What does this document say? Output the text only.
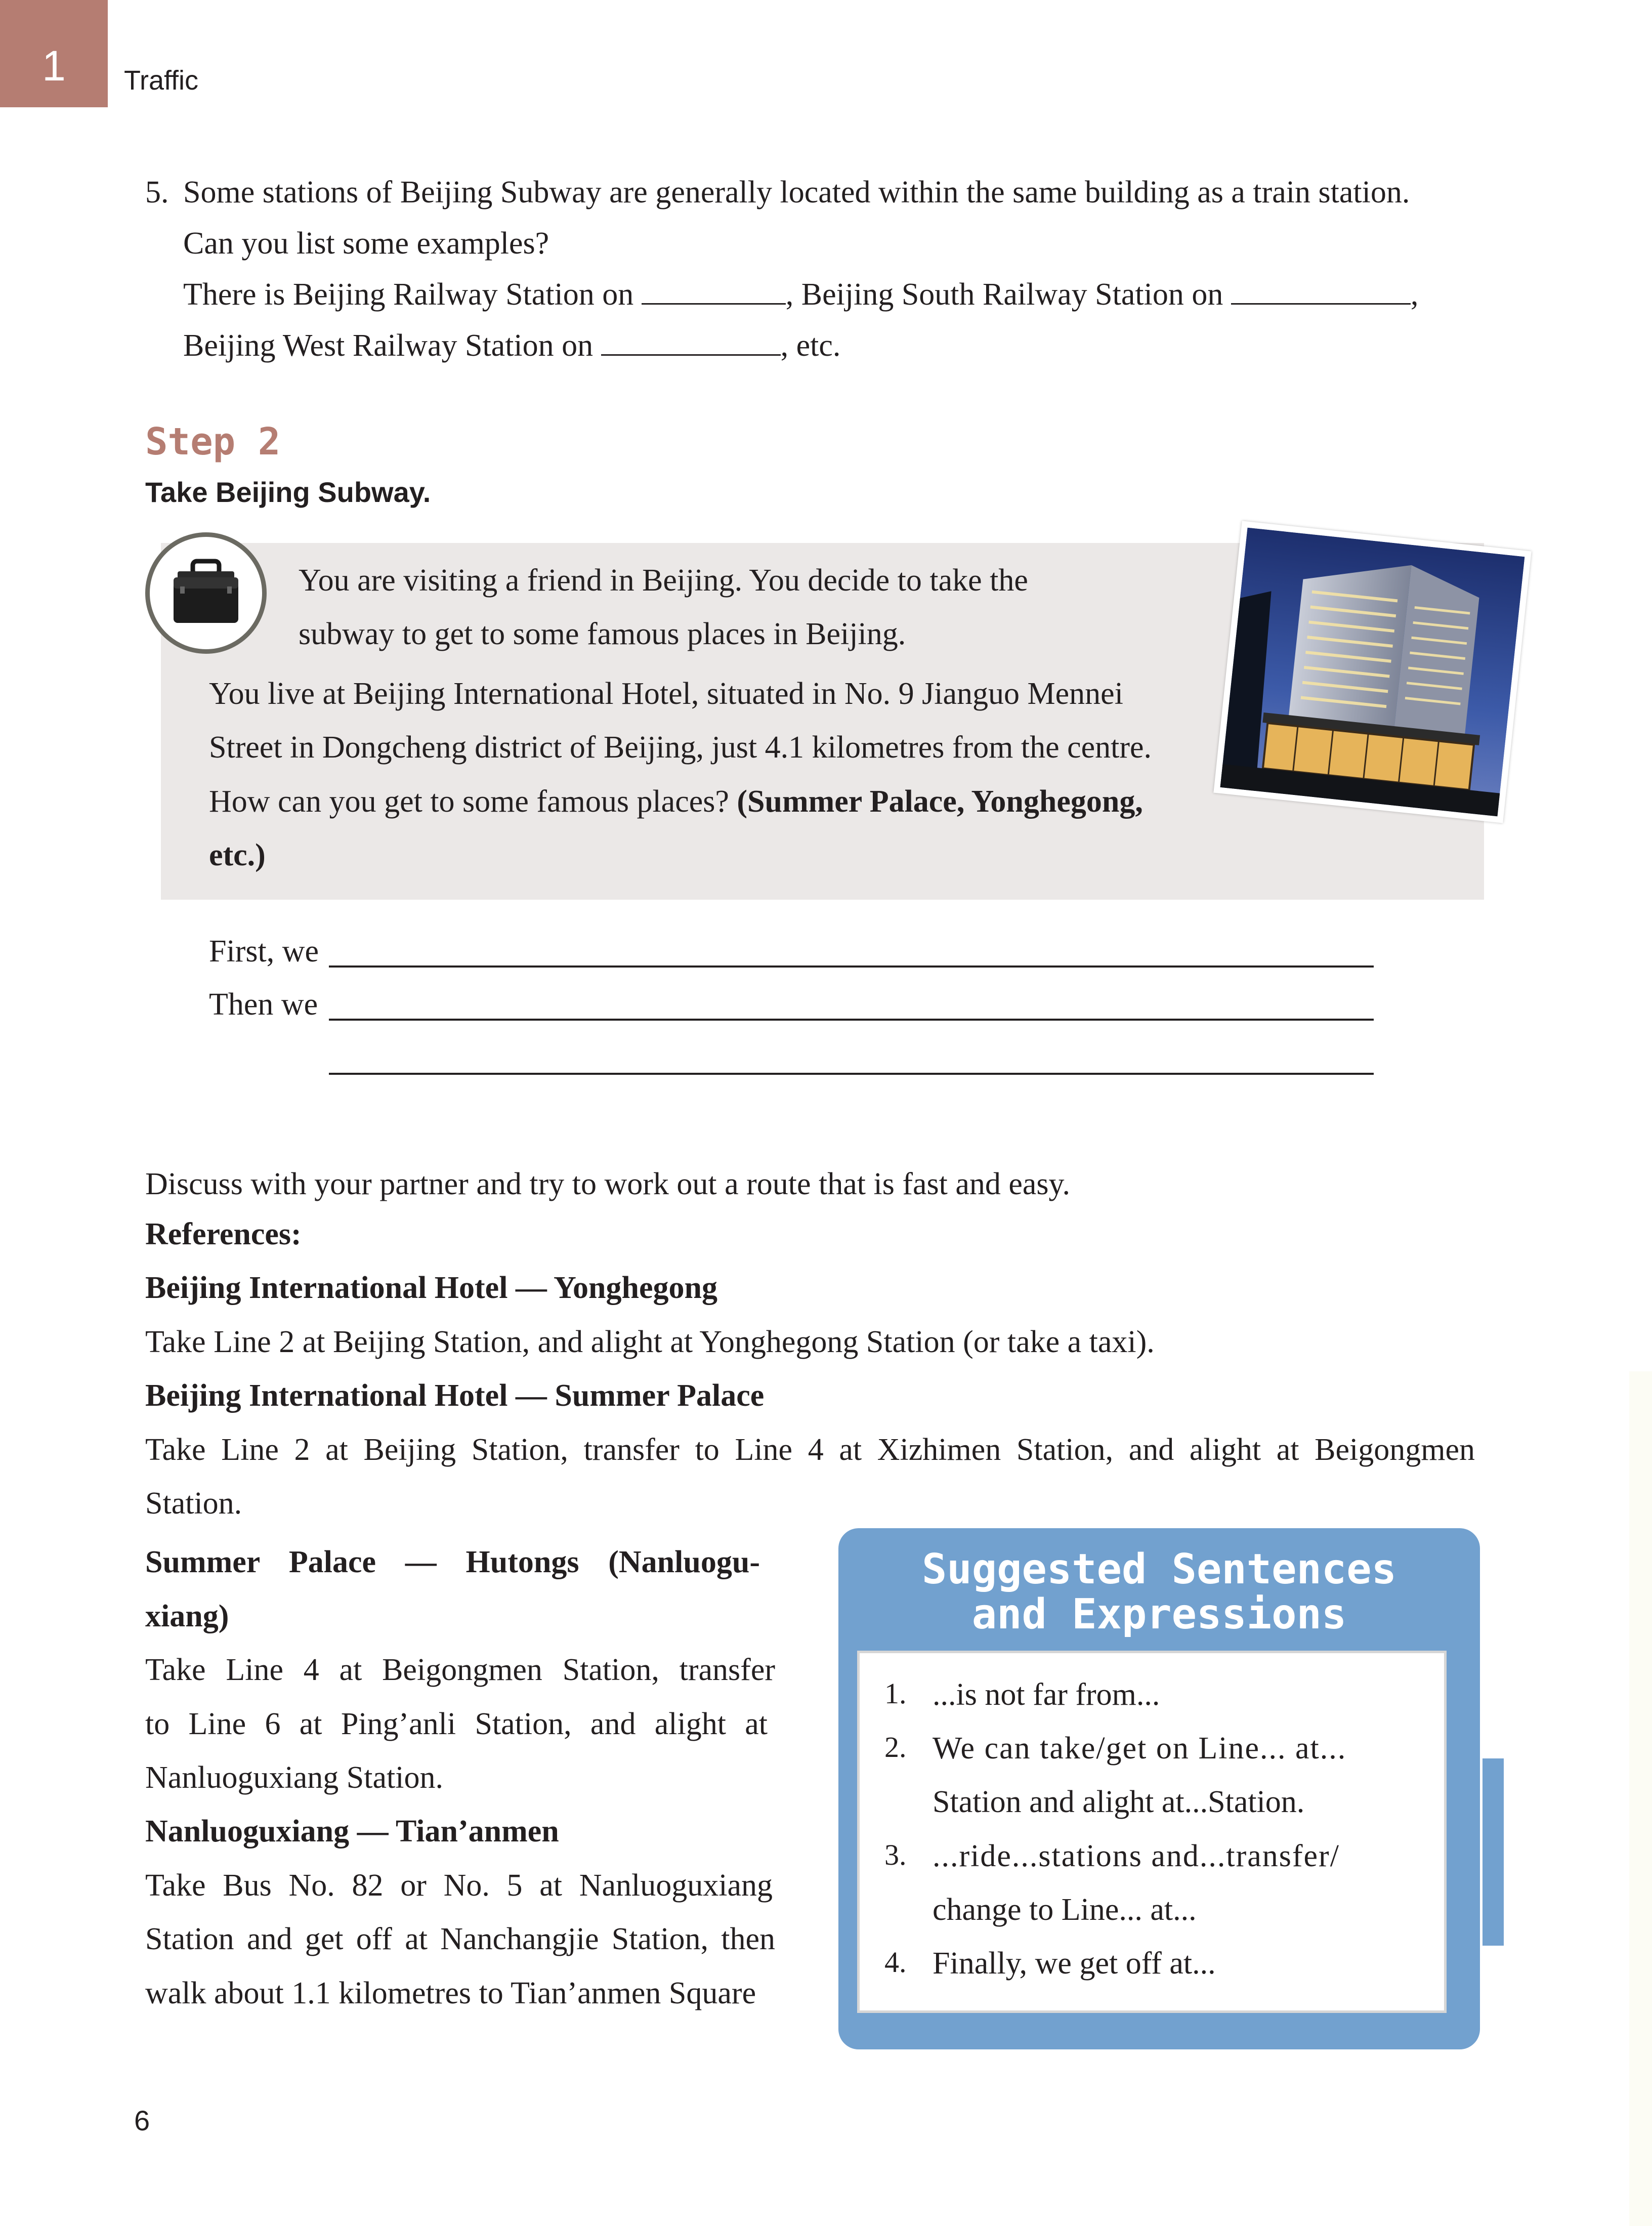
1	Traffic
5. Some stations of Beijing Subway are generally located within the same building as a train station.
Can you list some examples?
There is Beijing Railway Station on	, Beijing South Railway Station on	,
Beijing West Railway Station on	, etc.
Step 2
Take Beijing Subway.
You are visiting a friend in Beijing. You decide to take the
subway to get to some famous places in Beijing.
You live at Beijing International Hotel, situated in No. 9 Jianguo Mennei
Street in Dongcheng district of Beijing, just 4.1 kilometres from the centre.
How can you get to some famous places? (Summer Palace, Yonghegong,
etc.)
First, we
Then we
Discuss with your partner and try to work out a route that is fast and easy.
References:
Beijing International Hotel — Yonghegong
Take Line 2 at Beijing Station, and alight at Yonghegong Station (or take a taxi).
Beijing International Hotel — Summer Palace
Take Line 2 at Beijing Station, transfer to Line 4 at Xizhimen Station, and alight at Beigongmen
Station.
Summer Palace — Hutongs (Nanluogu-
xiang)
Take Line 4 at Beigongmen Station, transfer
to Line 6 at Ping’anli Station, and alight at
Nanluoguxiang Station.
Nanluoguxiang — Tian’anmen
Take Bus No. 82 or No. 5 at Nanluoguxiang
Station and get off at Nanchangjie Station, then
walk about 1.1 kilometres to Tian’anmen Square
Suggested Sentences
and Expressions
1. ...is not far from...
2. We can take/get on Line... at...
Station and alight at...Station.
3. ...ride...stations and...transfer/
change to Line... at...
4. Finally, we get off at...
6
